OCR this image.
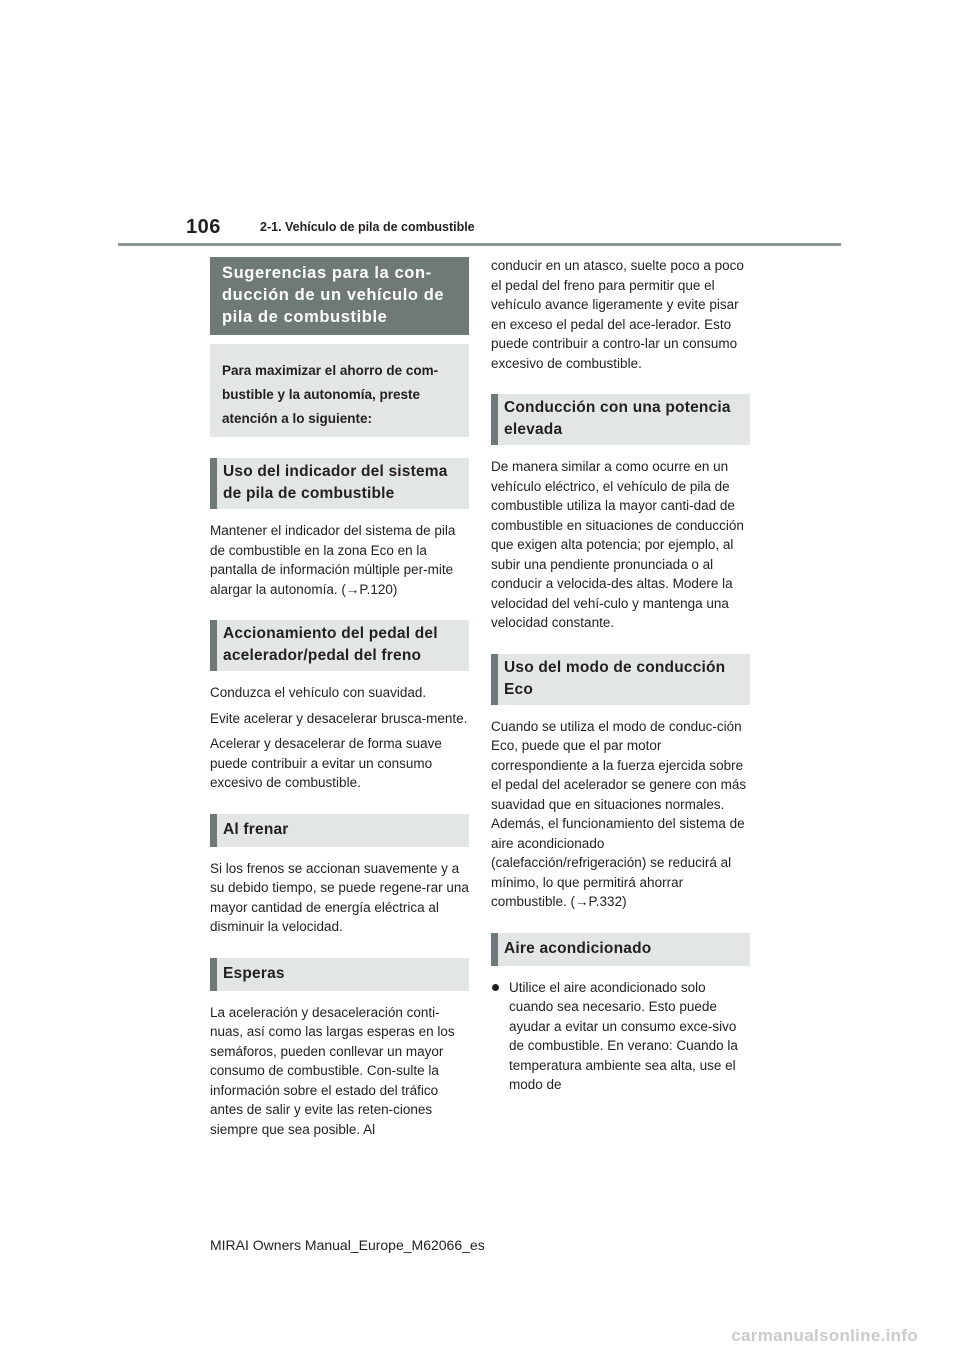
106	2-1. Vehículo de pila de combustible
Sugerencias para la con-ducción de un vehículo de pila de combustible
Para maximizar el ahorro de com-bustible y la autonomía, preste atención a lo siguiente:
Uso del indicador del sistema de pila de combustible

Mantener el indicador del sistema de pila de combustible en la zona Eco en la pantalla de información múltiple per-mite alargar la autonomía. (→P.120)

Accionamiento del pedal del acelerador/pedal del freno

Conduzca el vehículo con suavidad.

Evite acelerar y desacelerar brusca-mente.

Acelerar y desacelerar de forma suave puede contribuir a evitar un consumo excesivo de combustible.

Al frenar

Si los frenos se accionan suavemente y a su debido tiempo, se puede regene-rar una mayor cantidad de energía eléctrica al disminuir la velocidad.

Esperas

La aceleración y desaceleración conti-nuas, así como las largas esperas en los semáforos, pueden conllevar un mayor consumo de combustible. Con-sulte la información sobre el estado del tráfico antes de salir y evite las reten-ciones siempre que sea posible. Al

conducir en un atasco, suelte poco a poco el pedal del freno para permitir que el vehículo avance ligeramente y evite pisar en exceso el pedal del ace-lerador. Esto puede contribuir a contro-lar un consumo excesivo de combustible.

Conducción con una potencia elevada

De manera similar a como ocurre en un vehículo eléctrico, el vehículo de pila de combustible utiliza la mayor canti-dad de combustible en situaciones de conducción que exigen alta potencia; por ejemplo, al subir una pendiente pronunciada o al conducir a velocida-des altas. Modere la velocidad del vehí-culo y mantenga una velocidad constante.

Uso del modo de conducción Eco

Cuando se utiliza el modo de conduc-ción Eco, puede que el par motor correspondiente a la fuerza ejercida sobre el pedal del acelerador se genere con más suavidad que en situaciones normales. Además, el funcionamiento del sistema de aire acondicionado (calefacción/refrigeración) se reducirá al mínimo, lo que permitirá ahorrar combustible. (→P.332)

Aire acondicionado
Utilice el aire acondicionado solo cuando sea necesario. Esto puede ayudar a evitar un consumo exce-sivo de combustible. En verano: Cuando la temperatura ambiente sea alta, use el modo de
MIRAI Owners Manual_Europe_M62066_es
carmanualsonline.info
